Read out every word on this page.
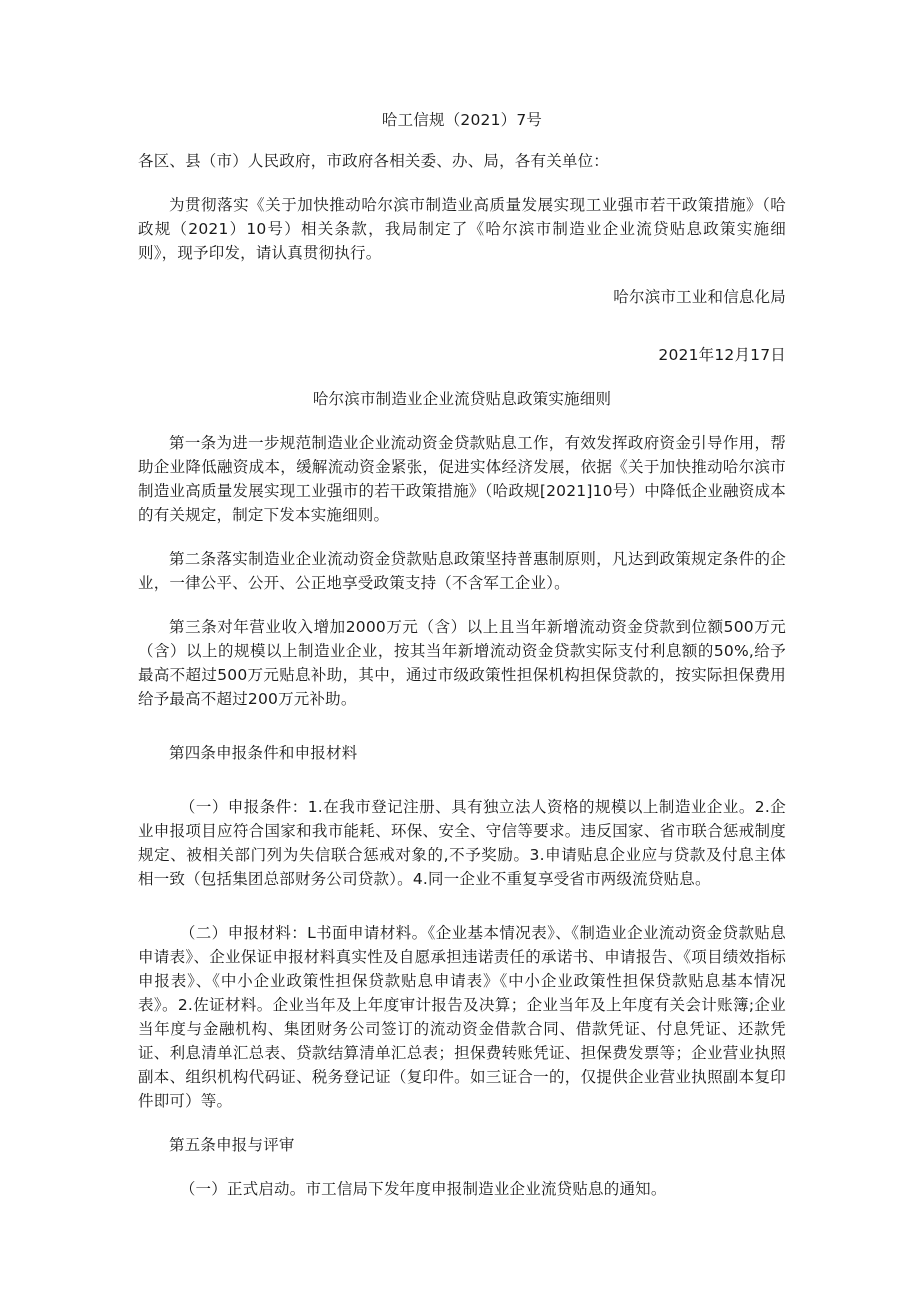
哈工信规（2021）7号

各区、县（市）人民政府，市政府各相关委、办、局，各有关单位：

为贯彻落实《关于加快推动哈尔滨市制造业高质量发展实现工业强市若干政策措施》（哈政规（2021）10号）相关条款，我局制定了《哈尔滨市制造业企业流贷贴息政策实施细则》，现予印发，请认真贯彻执行。

哈尔滨市工业和信息化局

2021年12月17日

哈尔滨市制造业企业流贷贴息政策实施细则

第一条为进一步规范制造业企业流动资金贷款贴息工作，有效发挥政府资金引导作用，帮助企业降低融资成本，缓解流动资金紧张，促进实体经济发展，依据《关于加快推动哈尔滨市制造业高质量发展实现工业强市的若干政策措施》（哈政规[2021]10号）中降低企业融资成本的有关规定，制定下发本实施细则。

第二条落实制造业企业流动资金贷款贴息政策坚持普惠制原则，凡达到政策规定条件的企业，一律公平、公开、公正地享受政策支持（不含军工企业）。

第三条对年营业收入增加2000万元（含）以上且当年新增流动资金贷款到位额500万元（含）以上的规模以上制造业企业，按其当年新增流动资金贷款实际支付利息额的50%,给予最高不超过500万元贴息补助，其中，通过市级政策性担保机构担保贷款的，按实际担保费用给予最高不超过200万元补助。

第四条申报条件和申报材料

（一）申报条件：1.在我市登记注册、具有独立法人资格的规模以上制造业企业。2.企业申报项目应符合国家和我市能耗、环保、安全、守信等要求。违反国家、省市联合惩戒制度规定、被相关部门列为失信联合惩戒对象的,不予奖励。3.申请贴息企业应与贷款及付息主体相一致（包括集团总部财务公司贷款）。4.同一企业不重复享受省市两级流贷贴息。

（二）申报材料：L书面申请材料。《企业基本情况表》、《制造业企业流动资金贷款贴息申请表》、企业保证申报材料真实性及自愿承担违诺责任的承诺书、申请报告、《项目绩效指标申报表》、《中小企业政策性担保贷款贴息申请表》《中小企业政策性担保贷款贴息基本情况表》。2.佐证材料。企业当年及上年度审计报告及决算；企业当年及上年度有关会计账簿;企业当年度与金融机构、集团财务公司签订的流动资金借款合同、借款凭证、付息凭证、还款凭证、利息清单汇总表、贷款结算清单汇总表；担保费转账凭证、担保费发票等；企业营业执照副本、组织机构代码证、税务登记证（复印件。如三证合一的，仅提供企业营业执照副本复印件即可）等。

第五条申报与评审

（一）正式启动。市工信局下发年度申报制造业企业流贷贴息的通知。
